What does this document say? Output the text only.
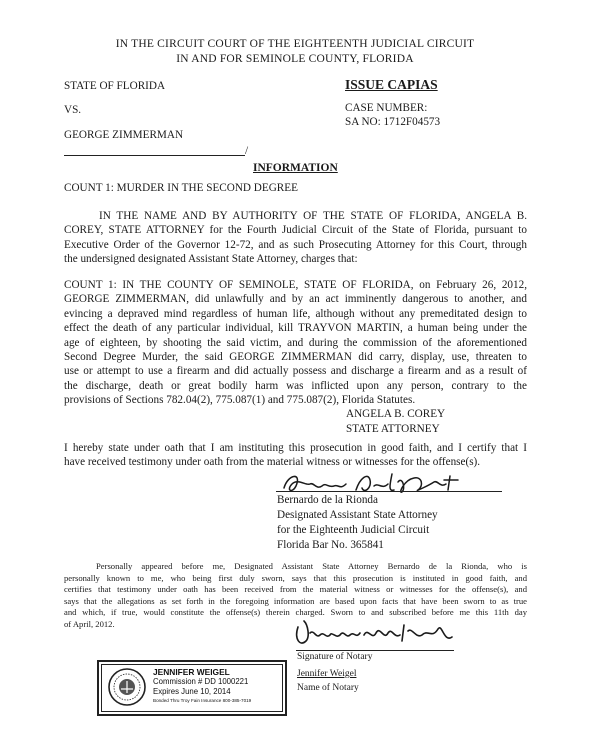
IN THE CIRCUIT COURT OF THE EIGHTEENTH JUDICIAL CIRCUIT
IN AND FOR SEMINOLE COUNTY, FLORIDA
STATE OF FLORIDA
VS.
GEORGE ZIMMERMAN
/
ISSUE CAPIAS
CASE NUMBER:
SA NO: 1712F04573
INFORMATION
COUNT 1: MURDER IN THE SECOND DEGREE
IN THE NAME AND BY AUTHORITY OF THE STATE OF FLORIDA, ANGELA B.
COREY, STATE ATTORNEY for the Fourth Judicial Circuit of the State of Florida, pursuant to
Executive Order of the Governor 12-72, and as such Prosecuting Attorney for this Court, through
the undersigned designated Assistant State Attorney, charges that:
COUNT 1: IN THE COUNTY OF SEMINOLE, STATE OF FLORIDA, on February 26, 2012,
GEORGE ZIMMERMAN, did unlawfully and by an act imminently dangerous to another, and
evincing a depraved mind regardless of human life, although without any premeditated design to
effect the death of any particular individual, kill TRAYVON MARTIN, a human being under the
age of eighteen, by shooting the said victim, and during the commission of the aforementioned
Second Degree Murder, the said GEORGE ZIMMERMAN did carry, display, use, threaten to
use or attempt to use a firearm and did actually possess and discharge a firearm and as a result of
the discharge, death or great bodily harm was inflicted upon any person, contrary to the
provisions of Sections 782.04(2), 775.087(1) and 775.087(2), Florida Statutes.
ANGELA B. COREY
STATE ATTORNEY
I hereby state under oath that I am instituting this prosecution in good faith, and I certify that I
have received testimony under oath from the material witness or witnesses for the offense(s).
Bernardo de la Rionda
Designated Assistant State Attorney
for the Eighteenth Judicial Circuit
Florida Bar No. 365841
Personally appeared before me, Designated Assistant State Attorney Bernardo de la Rionda, who is
personally known to me, who being first duly sworn, says that this prosecution is instituted in good faith, and
certifies that testimony under oath has been received from the material witness or witnesses for the offense(s), and
says that the allegations as set forth in the foregoing information are based upon facts that have been sworn to as true
and which, if true, would constitute the offense(s) therein charged. Sworn to and subscribed before me this 11th day
of April, 2012.
Signature of Notary
Jennifer Weigel
Name of Notary
JENNIFER WEIGEL
Commission # DD 1000221
Expires June 10, 2014
Bonded Thru Troy Fain Insurance 800-385-7019
